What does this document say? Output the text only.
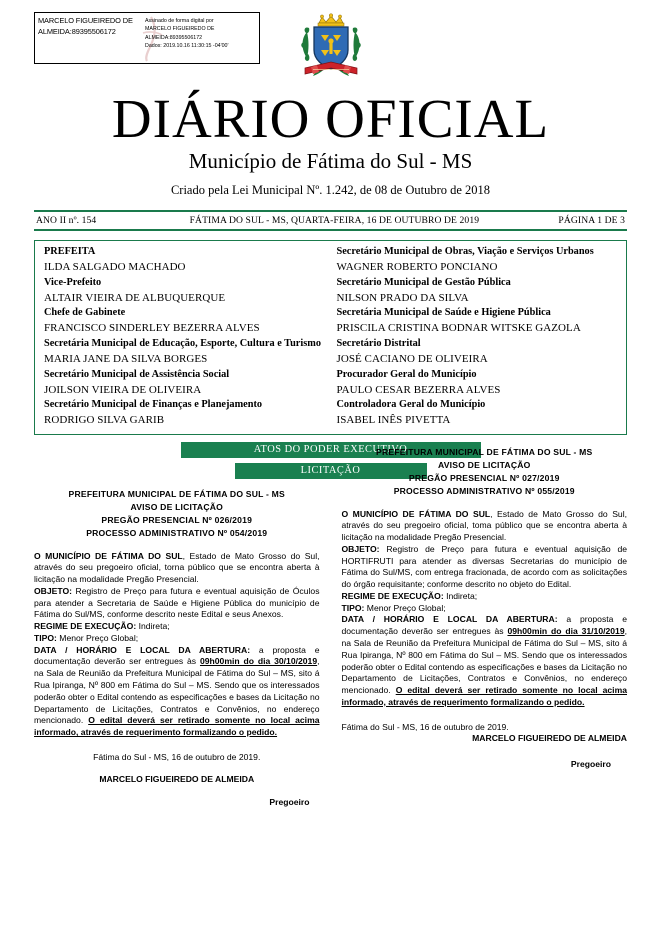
MARCELO FIGUEIREDO DE ALMEIDA:89395506172
Assinado de forma digital por
MARCELO FIGUEIREDO DE
ALMEIDA:89395506172
Dados: 2019.10.16 11:30:15 -04'00'
DIÁRIO OFICIAL
Município de Fátima do Sul - MS
Criado pela Lei Municipal Nº. 1.242, de 08 de Outubro de 2018
ANO II nº. 154	FÁTIMA DO SUL - MS, QUARTA-FEIRA, 16 DE OUTUBRO DE 2019	PÁGINA 1 DE 3
PREFEITA
ILDA SALGADO MACHADO
Vice-Prefeito
ALTAIR VIEIRA DE ALBUQUERQUE
Chefe de Gabinete
FRANCISCO SINDERLEY BEZERRA ALVES
Secretária Municipal de Educação, Esporte, Cultura e Turismo
MARIA JANE DA SILVA BORGES
Secretário Municipal de Assistência Social
JOILSON VIEIRA DE OLIVEIRA
Secretário Municipal de Finanças e Planejamento
RODRIGO SILVA GARIB
Secretário Municipal de Obras, Viação e Serviços Urbanos
WAGNER ROBERTO PONCIANO
Secretário Municipal de Gestão Pública
NILSON PRADO DA SILVA
Secretária Municipal de Saúde e Higiene Pública
PRISCILA CRISTINA BODNAR WITSKE GAZOLA
Secretário Distrital
JOSÉ CACIANO DE OLIVEIRA
Procurador Geral do Município
PAULO CESAR BEZERRA ALVES
Controladora Geral do Município
ISABEL INÊS PIVETTA
ATOS DO PODER EXECUTIVO
LICITAÇÃO
PREFEITURA MUNICIPAL DE FÁTIMA DO SUL - MS
AVISO DE LICITAÇÃO
PREGÃO PRESENCIAL Nº 026/2019
PROCESSO ADMINISTRATIVO Nº 054/2019

O MUNICÍPIO DE FÁTIMA DO SUL, Estado de Mato Grosso do Sul, através do seu pregoeiro oficial, torna público que se encontra aberta à licitação na modalidade Pregão Presencial.

OBJETO: Registro de Preço para futura e eventual aquisição de Óculos para atender a Secretaria de Saúde e Higiene Pública do município de Fátima do Sul/MS, conforme descrito neste Edital e seus Anexos.

REGIME DE EXECUÇÃO: Indireta;

TIPO: Menor Preço Global;

DATA / HORÁRIO E LOCAL DA ABERTURA: a proposta e documentação deverão ser entregues às 09h00min do dia 30/10/2019, na Sala de Reunião da Prefeitura Municipal de Fátima do Sul – MS, sito á Rua Ipiranga, Nº 800 em Fátima do Sul – MS. Sendo que os interessados poderão obter o Edital contendo as especificações e bases da Licitação no Departamento de Licitações, Contratos e Convênios, no endereço mencionado. O edital deverá ser retirado somente no local acima informado, através de requerimento formalizando o pedido.

Fátima do Sul - MS, 16 de outubro de 2019.
MARCELO FIGUEIREDO DE ALMEIDA
Pregoeiro
PREFEITURA MUNICIPAL DE FÁTIMA DO SUL - MS
AVISO DE LICITAÇÃO
PREGÃO PRESENCIAL Nº 027/2019
PROCESSO ADMINISTRATIVO Nº 055/2019

O MUNICÍPIO DE FÁTIMA DO SUL, Estado de Mato Grosso do Sul, através do seu pregoeiro oficial, toma público que se encontra aberta à licitação na modalidade Pregão Presencial.

OBJETO: Registro de Preço para futura e eventual aquisição de HORTIFRUTI para atender as diversas Secretarias do município de Fátima do Sul/MS, com entrega fracionada, de acordo com as solicitações do órgão requisitante; conforme descrito no objeto do Edital.

REGIME DE EXECUÇÃO: Indireta;

TIPO: Menor Preço Global;

DATA / HORÁRIO E LOCAL DA ABERTURA: a proposta e documentação deverão ser entregues às 09h00min do dia 31/10/2019, na Sala de Reunião da Prefeitura Municipal de Fátima do Sul – MS, sito á Rua Ipiranga, Nº 800 em Fátima do Sul – MS. Sendo que os interessados poderão obter o Edital contendo as especificações e bases da Licitação no Departamento de Licitações, Contratos e Convênios, no endereço mencionado. O edital deverá ser retirado somente no local acima informado, através de requerimento formalizando o pedido.

Fátima do Sul - MS, 16 de outubro de 2019.
MARCELO FIGUEIREDO DE ALMEIDA
Pregoeiro
